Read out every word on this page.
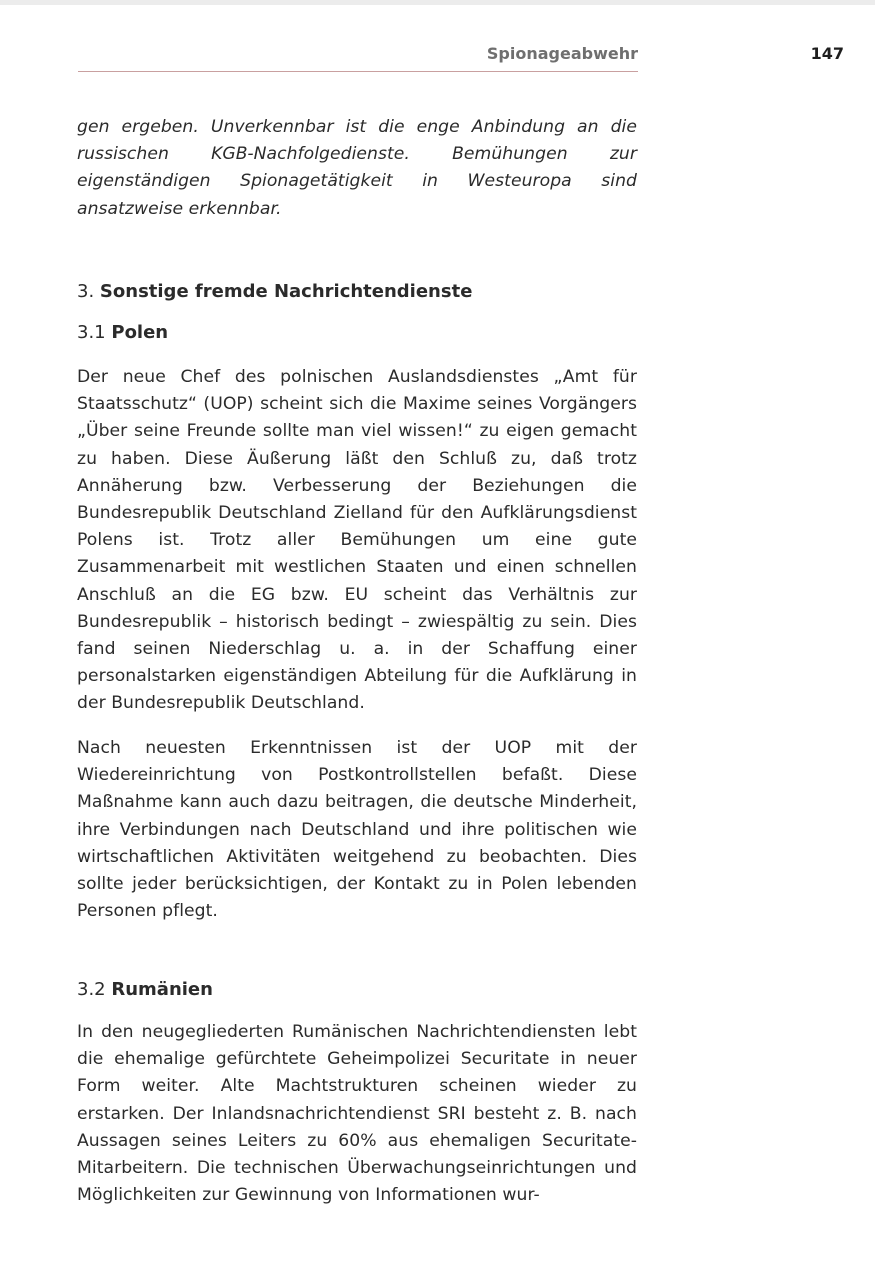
Spionageabwehr	147

gen ergeben. Unverkennbar ist die enge Anbindung an die russischen KGB-Nachfolgedienste. Bemühungen zur eigenständigen Spionagetätigkeit in Westeuropa sind ansatzweise erkennbar.

3. Sonstige fremde Nachrichtendienste
3.1 Polen

Der neue Chef des polnischen Auslandsdienstes „Amt für Staatsschutz“ (UOP) scheint sich die Maxime seines Vorgängers „Über seine Freunde sollte man viel wissen!“ zu eigen gemacht zu haben. Diese Äußerung läßt den Schluß zu, daß trotz Annäherung bzw. Verbesserung der Beziehungen die Bundesrepublik Deutschland Zielland für den Aufklärungsdienst Polens ist. Trotz aller Bemühungen um eine gute Zusammenarbeit mit westlichen Staaten und einen schnellen Anschluß an die EG bzw. EU scheint das Verhältnis zur Bundesrepublik – historisch bedingt – zwiespältig zu sein. Dies fand seinen Niederschlag u. a. in der Schaffung einer personalstarken eigenständigen Abteilung für die Aufklärung in der Bundesrepublik Deutschland.

Nach neuesten Erkenntnissen ist der UOP mit der Wiedereinrichtung von Postkontrollstellen befaßt. Diese Maßnahme kann auch dazu beitragen, die deutsche Minderheit, ihre Verbindungen nach Deutschland und ihre politischen wie wirtschaftlichen Aktivitäten weitgehend zu beobachten. Dies sollte jeder berücksichtigen, der Kontakt zu in Polen lebenden Personen pflegt.

3.2 Rumänien

In den neugegliederten Rumänischen Nachrichtendiensten lebt die ehemalige gefürchtete Geheimpolizei Securitate in neuer Form weiter. Alte Machtstrukturen scheinen wieder zu erstarken. Der Inlandsnachrichtendienst SRI besteht z. B. nach Aussagen seines Leiters zu 60% aus ehemaligen Securitate-Mitarbeitern. Die technischen Überwachungseinrichtungen und Möglichkeiten zur Gewinnung von Informationen wur-
